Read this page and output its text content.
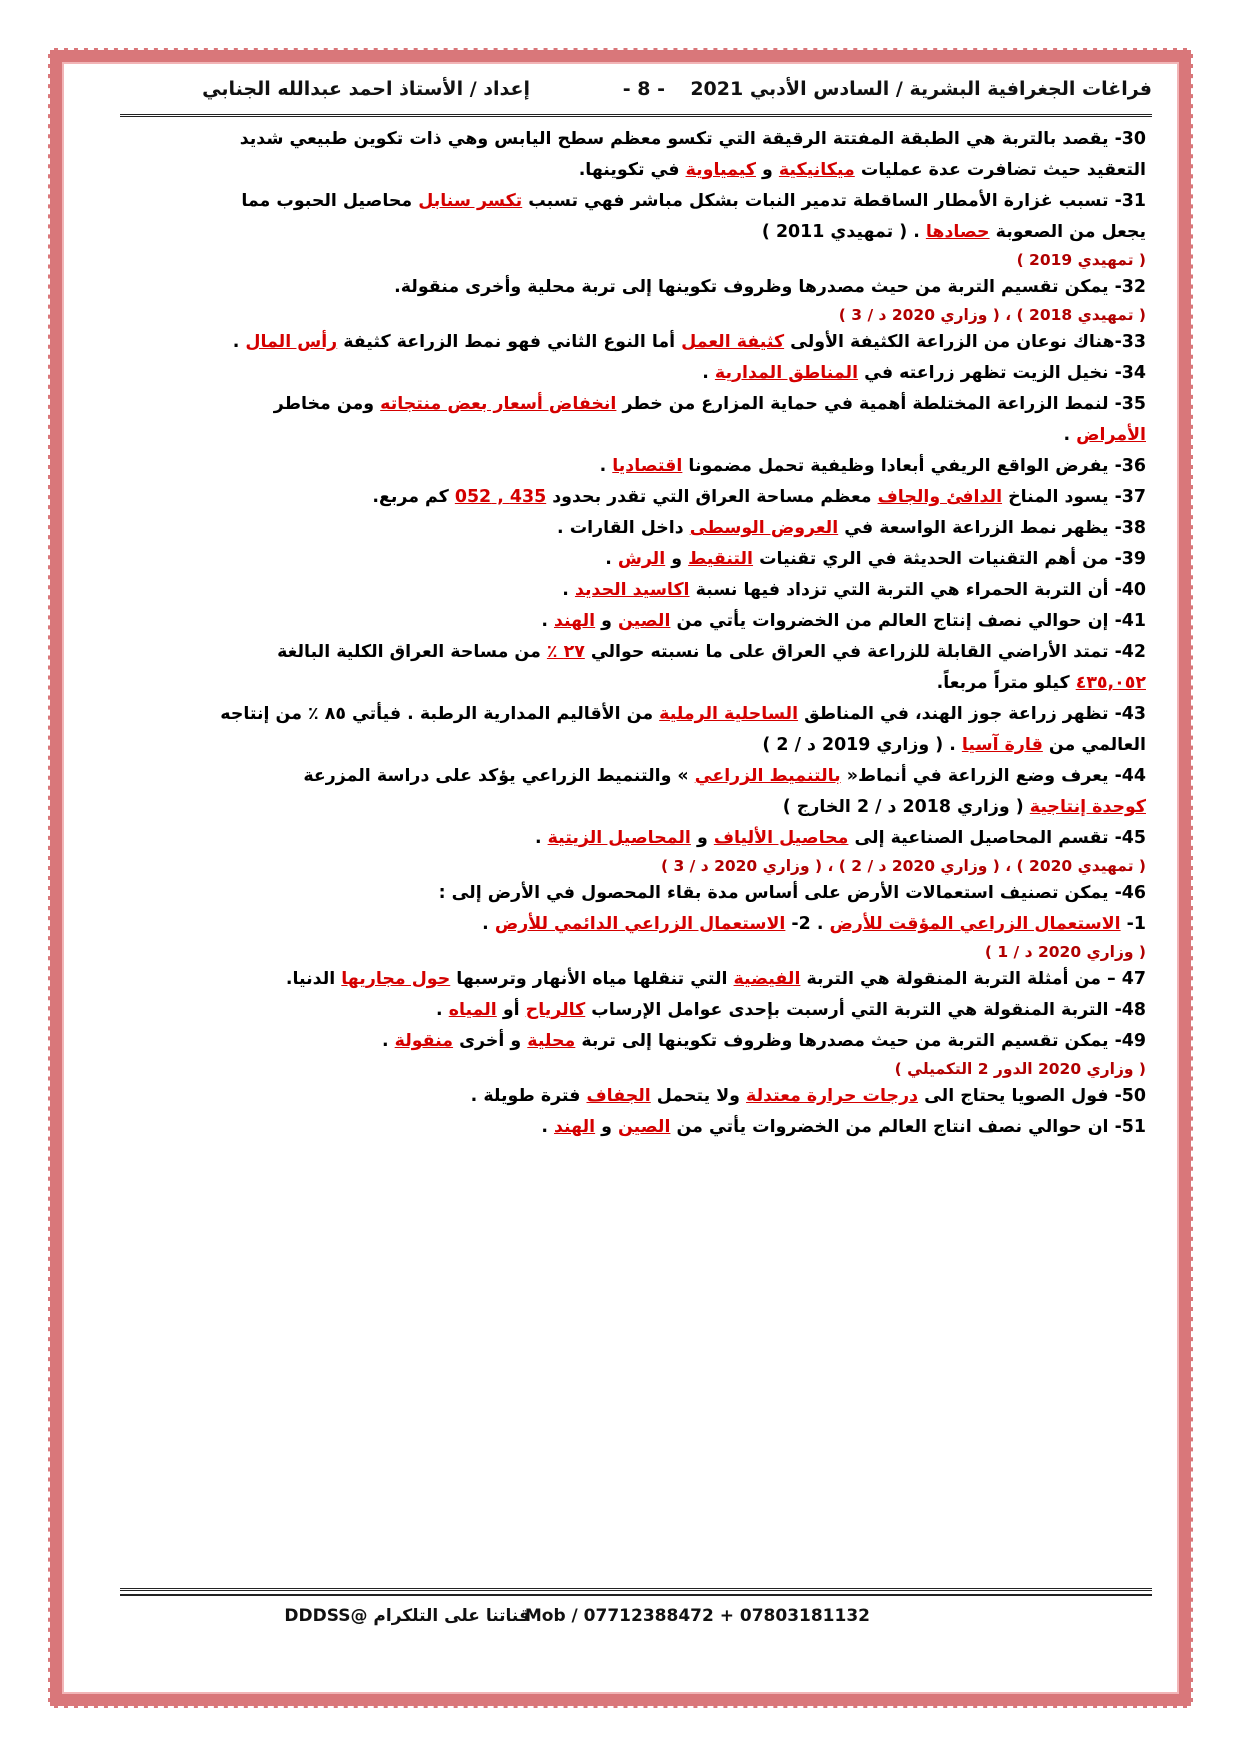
فراغات الجغرافية البشرية / السادس الأدبي 2021
- 8 -
إعداد / الأستاذ احمد عبدالله الجنابي
30- يقصد بالتربة هي الطبقة المفتتة الرقيقة التي تكسو معظم سطح اليابس وهي ذات تكوين طبيعي شديد
التعقيد حيث تضافرت عدة عمليات ميكانيكية و كيمياوية في تكوينها.
31- تسبب غزارة الأمطار الساقطة تدمير النبات بشكل مباشر فهي تسبب تكسر سنابل محاصيل الحبوب مما
يجعل من الصعوبة حصادها . ( تمهيدي 2011 )
( تمهيدي 2019 )
32- يمكن تقسيم التربة من حيث مصدرها وظروف تكوينها إلى تربة محلية وأخرى منقولة.
( تمهيدي 2018 ) ، ( وزاري 2020 د / 3 )
33-هناك نوعان من الزراعة الكثيفة الأولى كثيفة العمل أما النوع الثاني فهو نمط الزراعة كثيفة رأس المال .
34- نخيل الزيت تظهر زراعته في المناطق المدارية .
35- لنمط الزراعة المختلطة أهمية في حماية المزارع من خطر انخفاض أسعار بعض منتجاته ومن مخاطر
الأمراض .
36- يفرض الواقع الريفي أبعادا وظيفية تحمل مضمونا اقتصاديا .
37- يسود المناخ الدافئ والجاف معظم مساحة العراق التي تقدر بحدود 435 , 052 كم مربع.
38- يظهر نمط الزراعة الواسعة في العروض الوسطى داخل القارات .
39- من أهم التقنيات الحديثة في الري تقنيات التنقيط و الرش .
40- أن التربة الحمراء هي التربة التي تزداد فيها نسبة اكاسيد الحديد .
41- إن حوالي نصف إنتاج العالم من الخضروات يأتي من الصين و الهند .
42- تمتد الأراضي القابلة للزراعة في العراق على ما نسبته حوالي ٢٧ ٪ من مساحة العراق الكلية البالغة
٤٣٥,٠٥٢ كيلو متراً مربعاً.
43- تظهر زراعة جوز الهند، في المناطق الساحلية الرملية من الأقاليم المدارية الرطبة . فيأتي ٨٥ ٪ من إنتاجه
العالمي من قارة آسيا . ( وزاري 2019 د / 2 )
44- يعرف وضع الزراعة في أنماط« بالتنميط الزراعي » والتنميط الزراعي يؤكد على دراسة المزرعة
كوحدة إنتاجية ( وزاري 2018 د / 2 الخارج )
45- تقسم المحاصيل الصناعية إلى محاصيل الألياف و المحاصيل الزيتية .
( تمهيدي 2020 ) ، ( وزاري 2020 د / 2 ) ، ( وزاري 2020 د / 3 )
46- يمكن تصنيف استعمالات الأرض على أساس مدة بقاء المحصول في الأرض إلى :
1- الاستعمال الزراعي المؤقت للأرض . 2- الاستعمال الزراعي الدائمي للأرض .
( وزاري 2020 د / 1 )
47 – من أمثلة التربة المنقولة هي التربة الفيضية التي تنقلها مياه الأنهار وترسبها حول مجاريها الدنيا.
48- التربة المنقولة هي التربة التي أرسبت بإحدى عوامل الإرساب كالرياح أو المياه .
49- يمكن تقسيم التربة من حيث مصدرها وظروف تكوينها إلى تربة محلية و أخرى منقولة .
( وزاري 2020 الدور 2 التكميلي )
50- فول الصويا يحتاج الى درجات حرارة معتدلة ولا يتحمل الجفاف فترة طويلة .
51- ان حوالي نصف انتاج العالم من الخضروات يأتي من الصين و الهند .
Mob / 07712388472 + 07803181132
قناتنا على التلكرام @DDDSS
